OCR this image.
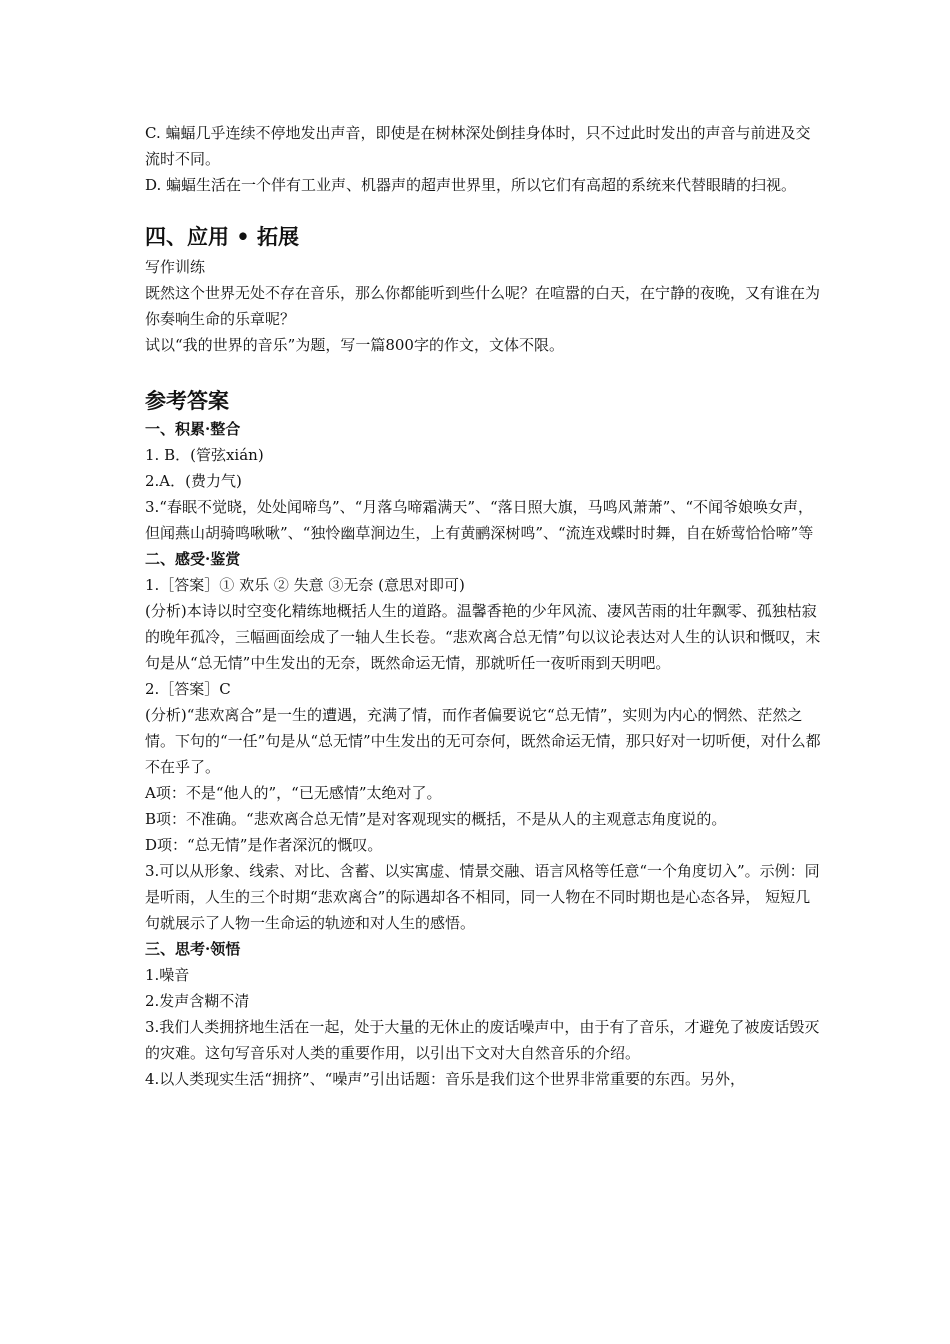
C. 蝙蝠几乎连续不停地发出声音，即使是在树林深处倒挂身体时，只不过此时发出的声音与前进及交流时不同。

D. 蝙蝠生活在一个伴有工业声、机器声的超声世界里，所以它们有高超的系统来代替眼睛的扫视。

四、应用 • 拓展

写作训练

既然这个世界无处不存在音乐，那么你都能听到些什么呢？在喧嚣的白天，在宁静的夜晚，又有谁在为你奏响生命的乐章呢？

试以“我的世界的音乐”为题，写一篇800字的作文，文体不限。

参考答案

一、积累·整合

1. B．(管弦xián)

2.A．(费力气)

3.“春眠不觉晓，处处闻啼鸟”、“月落乌啼霜满天”、“落日照大旗，马鸣风萧萧”、“不闻爷娘唤女声，但闻燕山胡骑鸣啾啾”、“独怜幽草涧边生，上有黄鹂深树鸣”、“流连戏蝶时时舞，自在娇莺恰恰啼”等

二、感受·鉴赏

1.［答案］① 欢乐 ② 失意 ③无奈 (意思对即可)

(分析)本诗以时空变化精练地概括人生的道路。温馨香艳的少年风流、凄风苦雨的壮年飘零、孤独枯寂的晚年孤冷，三幅画面绘成了一轴人生长卷。“悲欢离合总无情”句以议论表达对人生的认识和慨叹，末句是从“总无情”中生发出的无奈，既然命运无情，那就听任一夜听雨到天明吧。

2.［答案］C

(分析)“悲欢离合”是一生的遭遇，充满了情，而作者偏要说它“总无情”，实则为内心的惘然、茫然之情。下句的“一任”句是从“总无情”中生发出的无可奈何，既然命运无情，那只好对一切听便，对什么都不在乎了。

A项：不是“他人的”，“已无感情”太绝对了。

B项：不准确。“悲欢离合总无情”是对客观现实的概括，不是从人的主观意志角度说的。

D项：“总无情”是作者深沉的慨叹。

3.可以从形象、线索、对比、含蓄、以实寓虚、情景交融、语言风格等任意“一个角度切入”。示例：同是听雨，人生的三个时期“悲欢离合”的际遇却各不相同，同一人物在不同时期也是心态各异， 短短几句就展示了人物一生命运的轨迹和对人生的感悟。

三、思考·领悟

1.噪音

2.发声含糊不清

3.我们人类拥挤地生活在一起，处于大量的无休止的废话噪声中，由于有了音乐，才避免了被废话毁灭的灾难。这句写音乐对人类的重要作用，以引出下文对大自然音乐的介绍。

4.以人类现实生活“拥挤”、“噪声”引出话题：音乐是我们这个世界非常重要的东西。另外，
